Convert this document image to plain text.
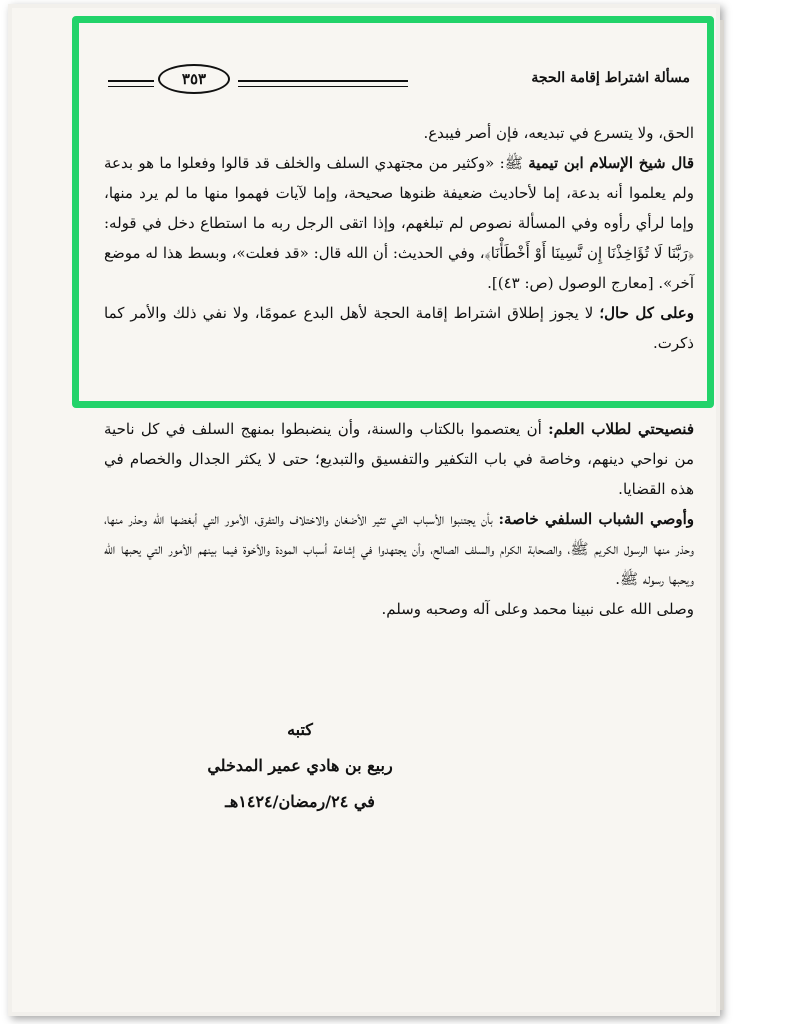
مسألة اشتراط إقامة الحجة
٣٥٣

الحق، ولا يتسرع في تبديعه، فإن أصر فيبدع.

قال شيخ الإسلام ابن تيمية ﷺ: «وكثير من مجتهدي السلف والخلف قد قالوا وفعلوا ما هو بدعة ولم يعلموا أنه بدعة، إما لأحاديث ضعيفة ظنوها صحيحة، وإما لآيات فهموا منها ما لم يرد منها، وإما لرأي رأوه وفي المسألة نصوص لم تبلغهم، وإذا اتقى الرجل ربه ما استطاع دخل في قوله: ﴿رَبَّنَا لَا تُؤَاخِذْنَا إِن نَّسِينَا أَوْ أَخْطَأْنَا﴾، وفي الحديث: أن الله قال: «قد فعلت»، وبسط هذا له موضع آخر». [معارج الوصول (ص: ٤٣)].

وعلى كل حال؛ لا يجوز إطلاق اشتراط إقامة الحجة لأهل البدع عمومًا، ولا نفي ذلك والأمر كما ذكرت.

فنصيحتي لطلاب العلم: أن يعتصموا بالكتاب والسنة، وأن ينضبطوا بمنهج السلف في كل ناحية من نواحي دينهم، وخاصة في باب التكفير والتفسيق والتبديع؛ حتى لا يكثر الجدال والخصام في هذه القضايا.

وأوصي الشباب السلفي خاصة: بأن يجتنبوا الأسباب التي تثير الأضغان والاختلاف والتفرق، الأمور التي أبغضها الله وحذر منها، وحذر منها الرسول الكريم ﷺ، والصحابة الكرام والسلف الصالح، وأن يجتهدوا في إشاعة أسباب المودة والأخوة فيما بينهم الأمور التي يحبها الله ويحبها رسوله ﷺ.

وصلى الله على نبينا محمد وعلى آله وصحبه وسلم.

كتبه
ربيع بن هادي عمير المدخلي
في ٢٤/رمضان/١٤٢٤هـ
